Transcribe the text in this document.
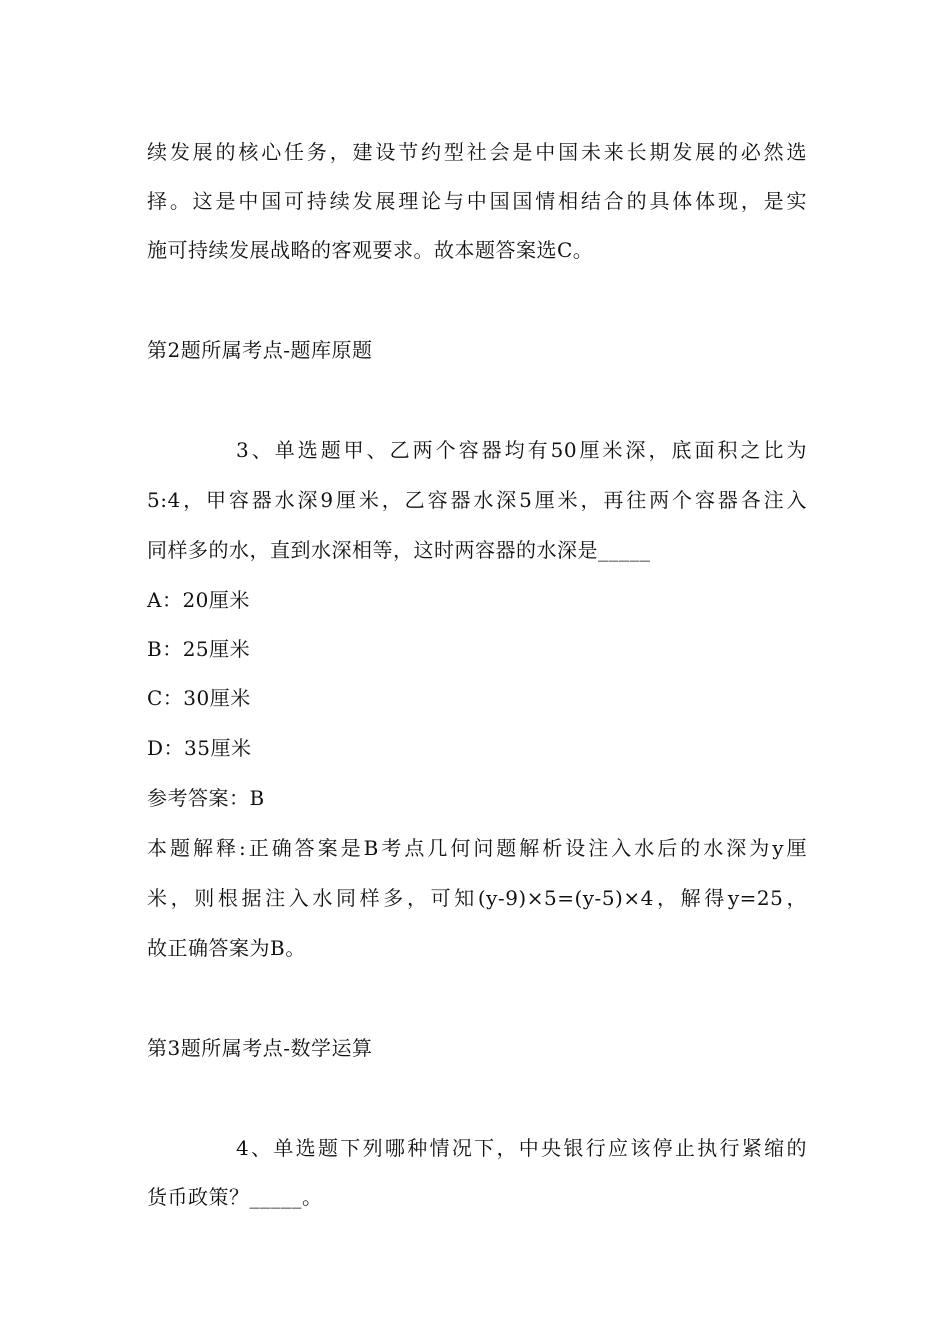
续发展的核心任务，建设节约型社会是中国未来长期发展的必然选
择。这是中国可持续发展理论与中国国情相结合的具体体现，是实
施可持续发展战略的客观要求。故本题答案选C。
第2题所属考点-题库原题
3、单选题甲、乙两个容器均有50厘米深，底面积之比为
5:4，甲容器水深9厘米，乙容器水深5厘米，再往两个容器各注入
同样多的水，直到水深相等，这时两容器的水深是_____
A：20厘米
B：25厘米
C：30厘米
D：35厘米
参考答案：B
本题解释:正确答案是B考点几何问题解析设注入水后的水深为y厘
米，则根据注入水同样多，可知(y-9)×5=(y-5)×4，解得y=25，
故正确答案为B。
第3题所属考点-数学运算
4、单选题下列哪种情况下，中央银行应该停止执行紧缩的
货币政策？_____。
